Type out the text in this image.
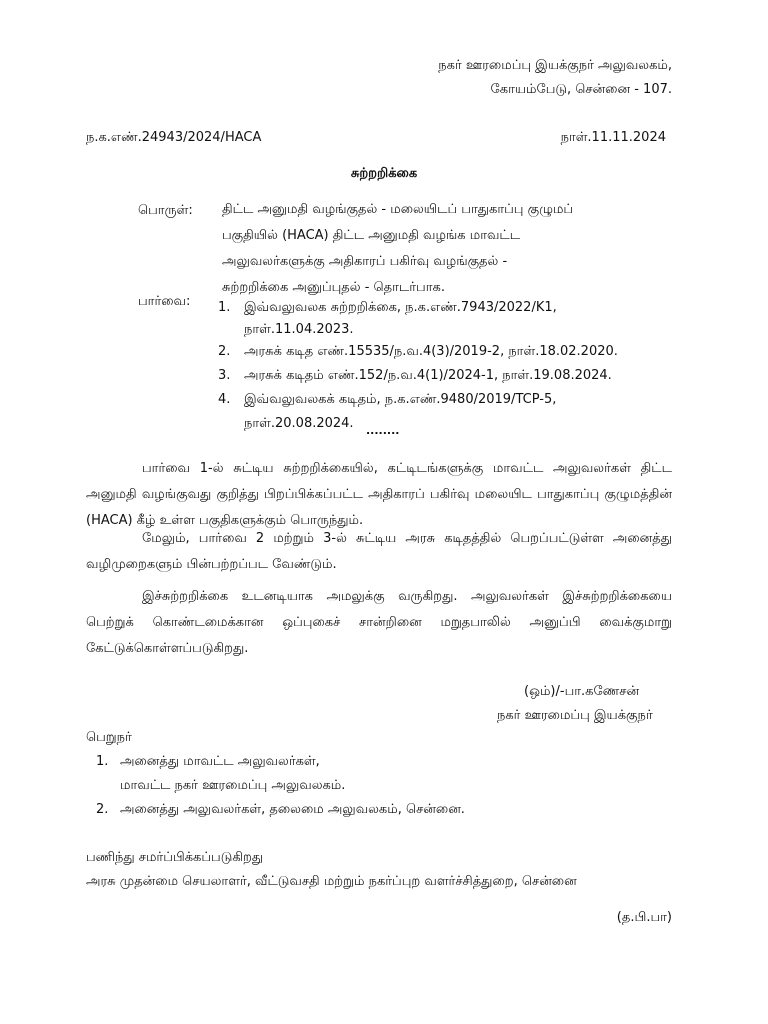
நகர் ஊரமைப்பு இயக்குநர் அலுவலகம்,
கோயம்பேடு, சென்னை - 107.
ந.க.எண்.24943/2024/HACA	நாள்.11.11.2024
சுற்றறிக்கை
பொருள்: திட்ட அனுமதி வழங்குதல் - மலையிடப் பாதுகாப்பு குழுமப்
பகுதியில் (HACA) திட்ட அனுமதி வழங்க மாவட்ட
அலுவலர்களுக்கு அதிகாரப் பகிர்வு வழங்குதல் -
சுற்றறிக்கை அனுப்புதல் - தொடர்பாக.
பார்வை: 1.	இவ்வலுவலக சுற்றறிக்கை, ந.க.எண்.7943/2022/K1,
நாள்.11.04.2023.
2.	அரசுக் கடித எண்.15535/ந.வ.4(3)/2019-2, நாள்.18.02.2020.
3.	அரசுக் கடிதம் எண்.152/ந.வ.4(1)/2024-1, நாள்.19.08.2024.
4.	இவ்வலுவலகக் கடிதம், ந.க.எண்.9480/2019/TCP-5,
நாள்.20.08.2024.	........
பார்வை 1-ல் சுட்டிய சுற்றறிக்கையில், கட்டிடங்களுக்கு மாவட்ட அலுவலர்கள் திட்ட அனுமதி வழங்குவது குறித்து பிறப்பிக்கப்பட்ட அதிகாரப் பகிர்வு மலையிட பாதுகாப்பு குழுமத்தின் (HACA) கீழ் உள்ள பகுதிகளுக்கும் பொருந்தும்.
மேலும், பார்வை 2 மற்றும் 3-ல் சுட்டிய அரசு கடிதத்தில் பெறப்பட்டுள்ள அனைத்து வழிமுறைகளும் பின்பற்றப்பட வேண்டும்.
இச்சுற்றறிக்கை உடனடியாக அமலுக்கு வருகிறது. அலுவலர்கள் இச்சுற்றறிக்கையை பெற்றுக் கொண்டமைக்கான ஒப்புகைச் சான்றினை மறுதபாலில் அனுப்பி வைக்குமாறு கேட்டுக்கொள்ளப்படுகிறது.
(ஒம்)/-பா.கணேசன்
நகர் ஊரமைப்பு இயக்குநர்
பெறுநர்
1. அனைத்து மாவட்ட அலுவலர்கள்,
மாவட்ட நகர் ஊரமைப்பு அலுவலகம்.
2. அனைத்து அலுவலர்கள், தலைமை அலுவலகம், சென்னை.
பணிந்து சமர்ப்பிக்கப்படுகிறது
அரசு முதன்மை செயலாளர், வீட்டுவசதி மற்றும் நகர்ப்புற வளர்ச்சித்துறை, சென்னை
(த.பி.பா)
